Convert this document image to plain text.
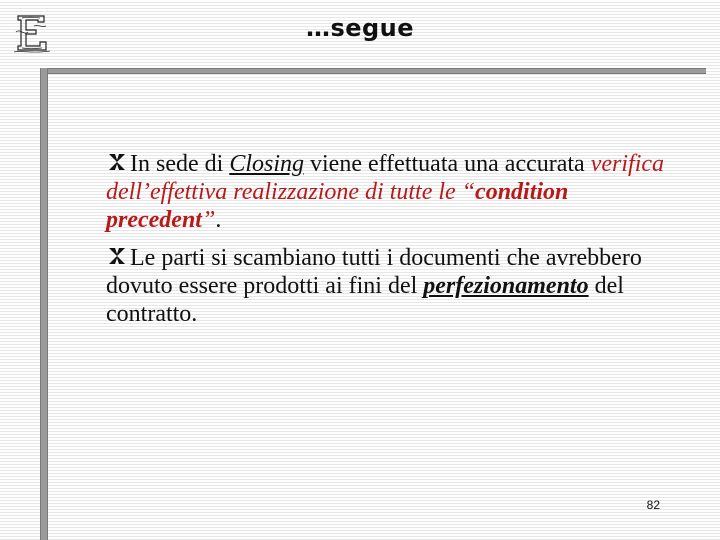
…segue

In sede di Closing viene effettuata una accurata verifica dell’effettiva realizzazione di tutte le “condition precedent”.

Le parti si scambiano tutti i documenti che avrebbero dovuto essere prodotti ai fini del perfezionamento del contratto.

82
